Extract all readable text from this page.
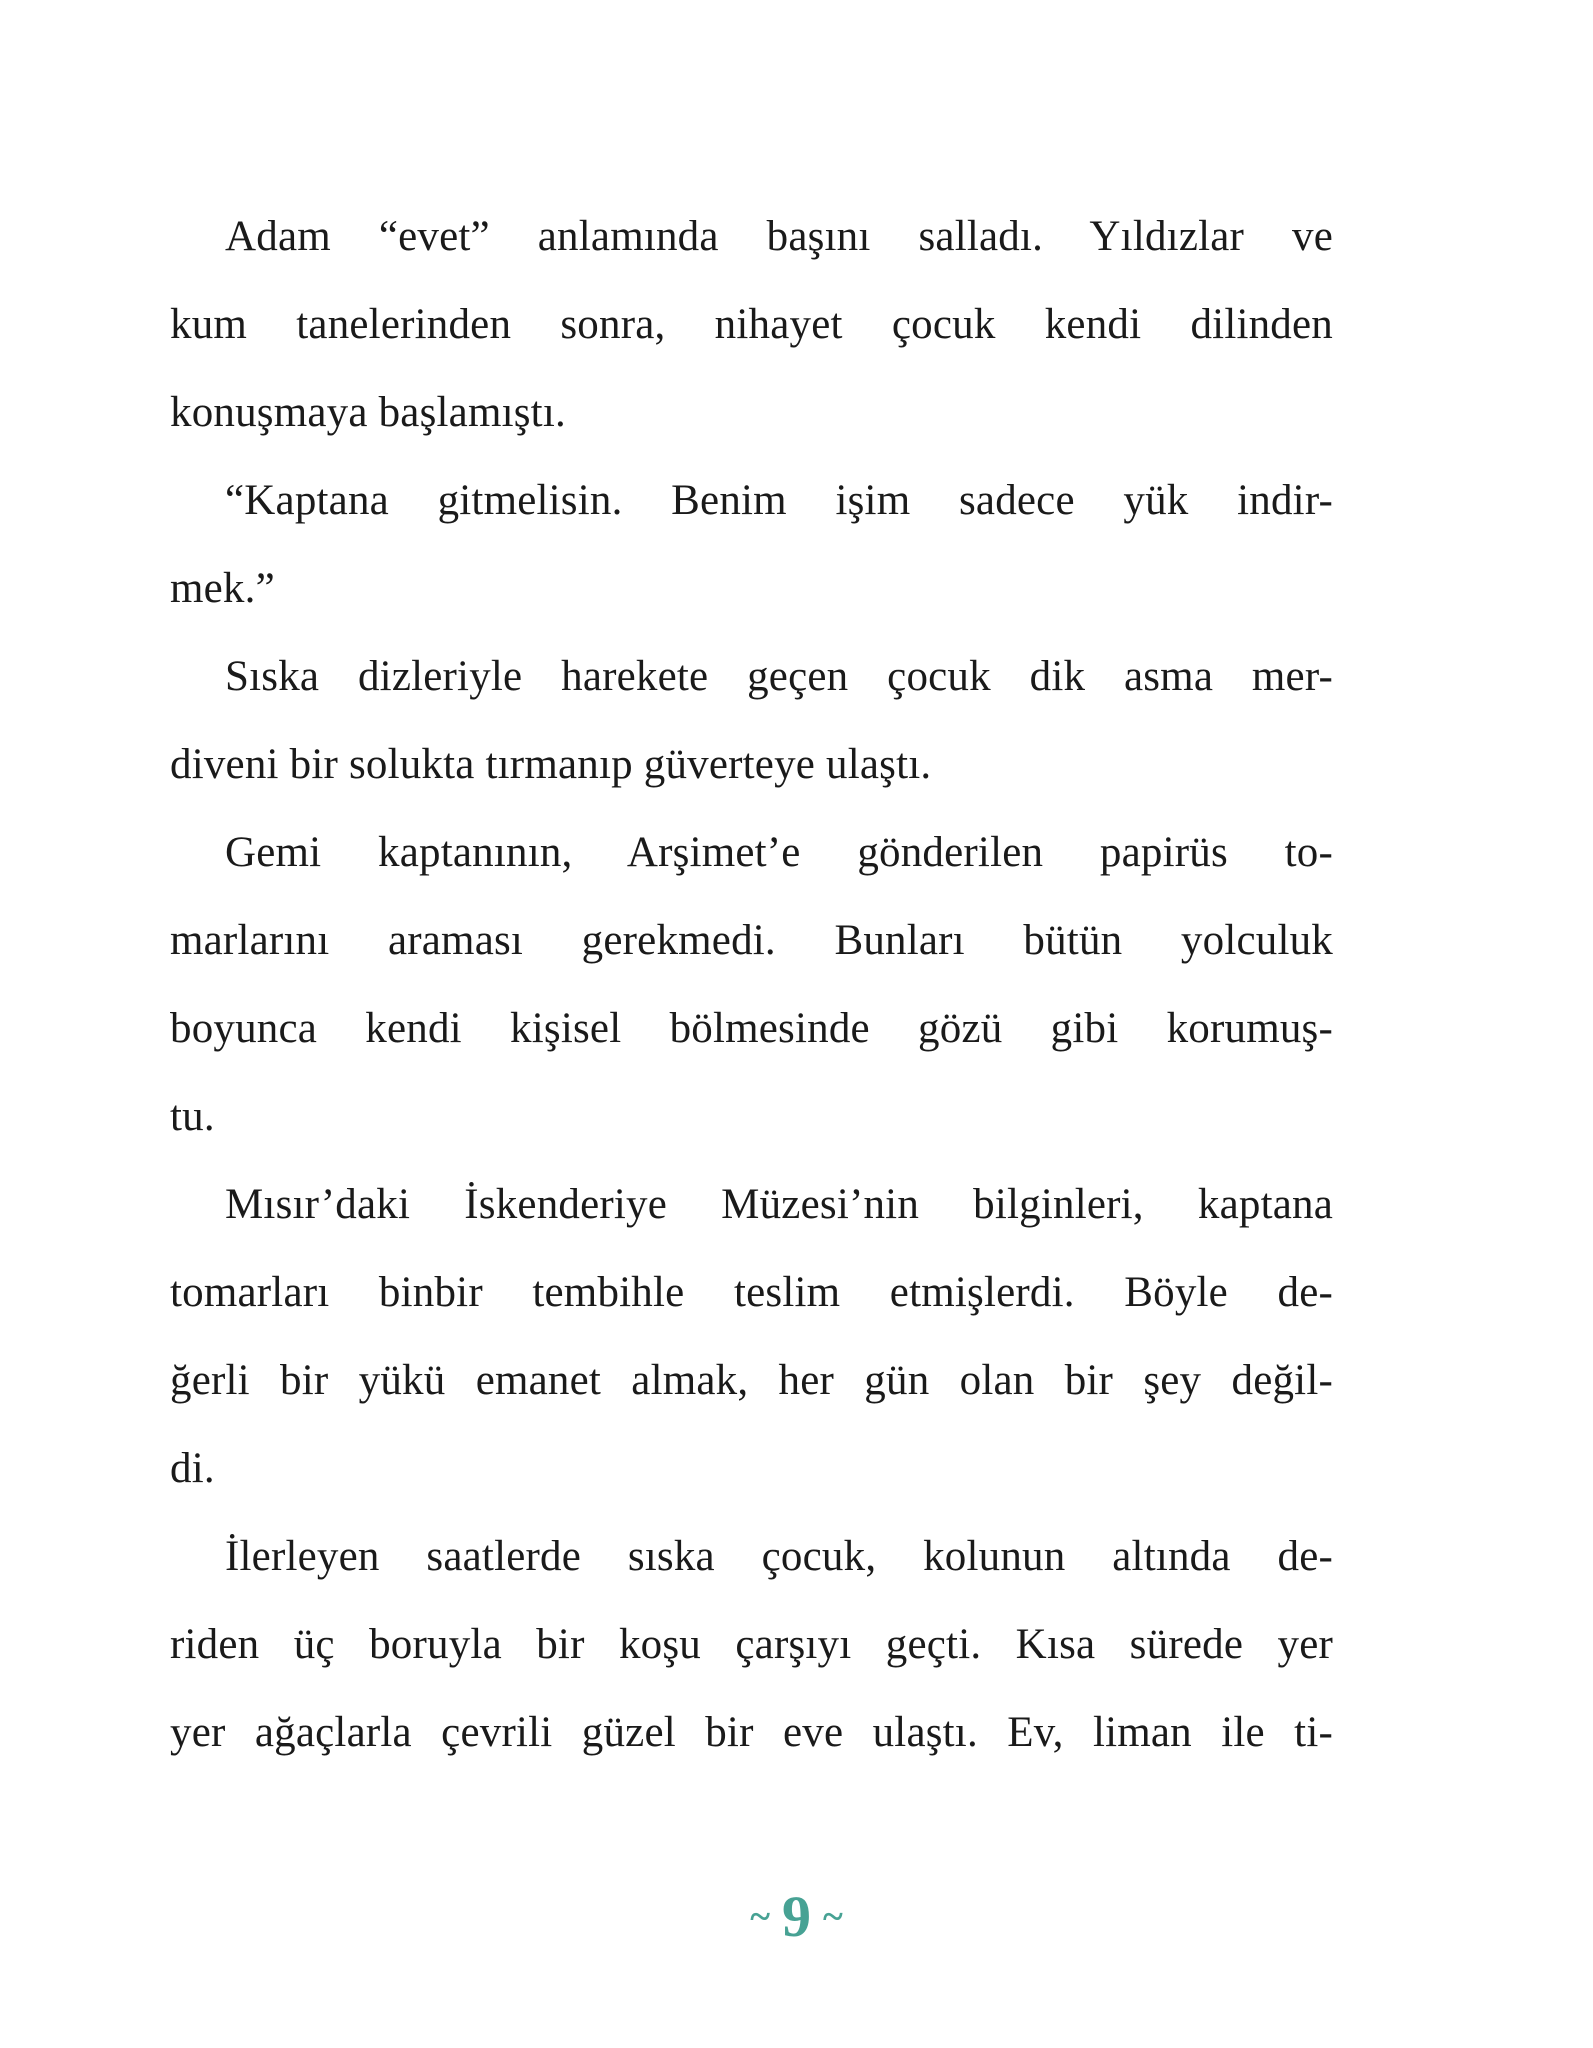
Adam “evet” anlamında başını salladı. Yıldızlar ve
kum tanelerinden sonra, nihayet çocuk kendi dilinden
konuşmaya başlamıştı.
“Kaptana gitmelisin. Benim işim sadece yük indir-
mek.”
Sıska dizleriyle harekete geçen çocuk dik asma mer-
diveni bir solukta tırmanıp güverteye ulaştı.
Gemi kaptanının, Arşimet’e gönderilen papirüs to-
marlarını araması gerekmedi. Bunları bütün yolculuk
boyunca kendi kişisel bölmesinde gözü gibi korumuş-
tu.
Mısır’daki İskenderiye Müzesi’nin bilginleri, kaptana
tomarları binbir tembihle teslim etmişlerdi. Böyle de-
ğerli bir yükü emanet almak, her gün olan bir şey değil-
di.
İlerleyen saatlerde sıska çocuk, kolunun altında de-
riden üç boruyla bir koşu çarşıyı geçti. Kısa sürede yer
yer ağaçlarla çevrili güzel bir eve ulaştı. Ev, liman ile ti-
~ 9 ~
